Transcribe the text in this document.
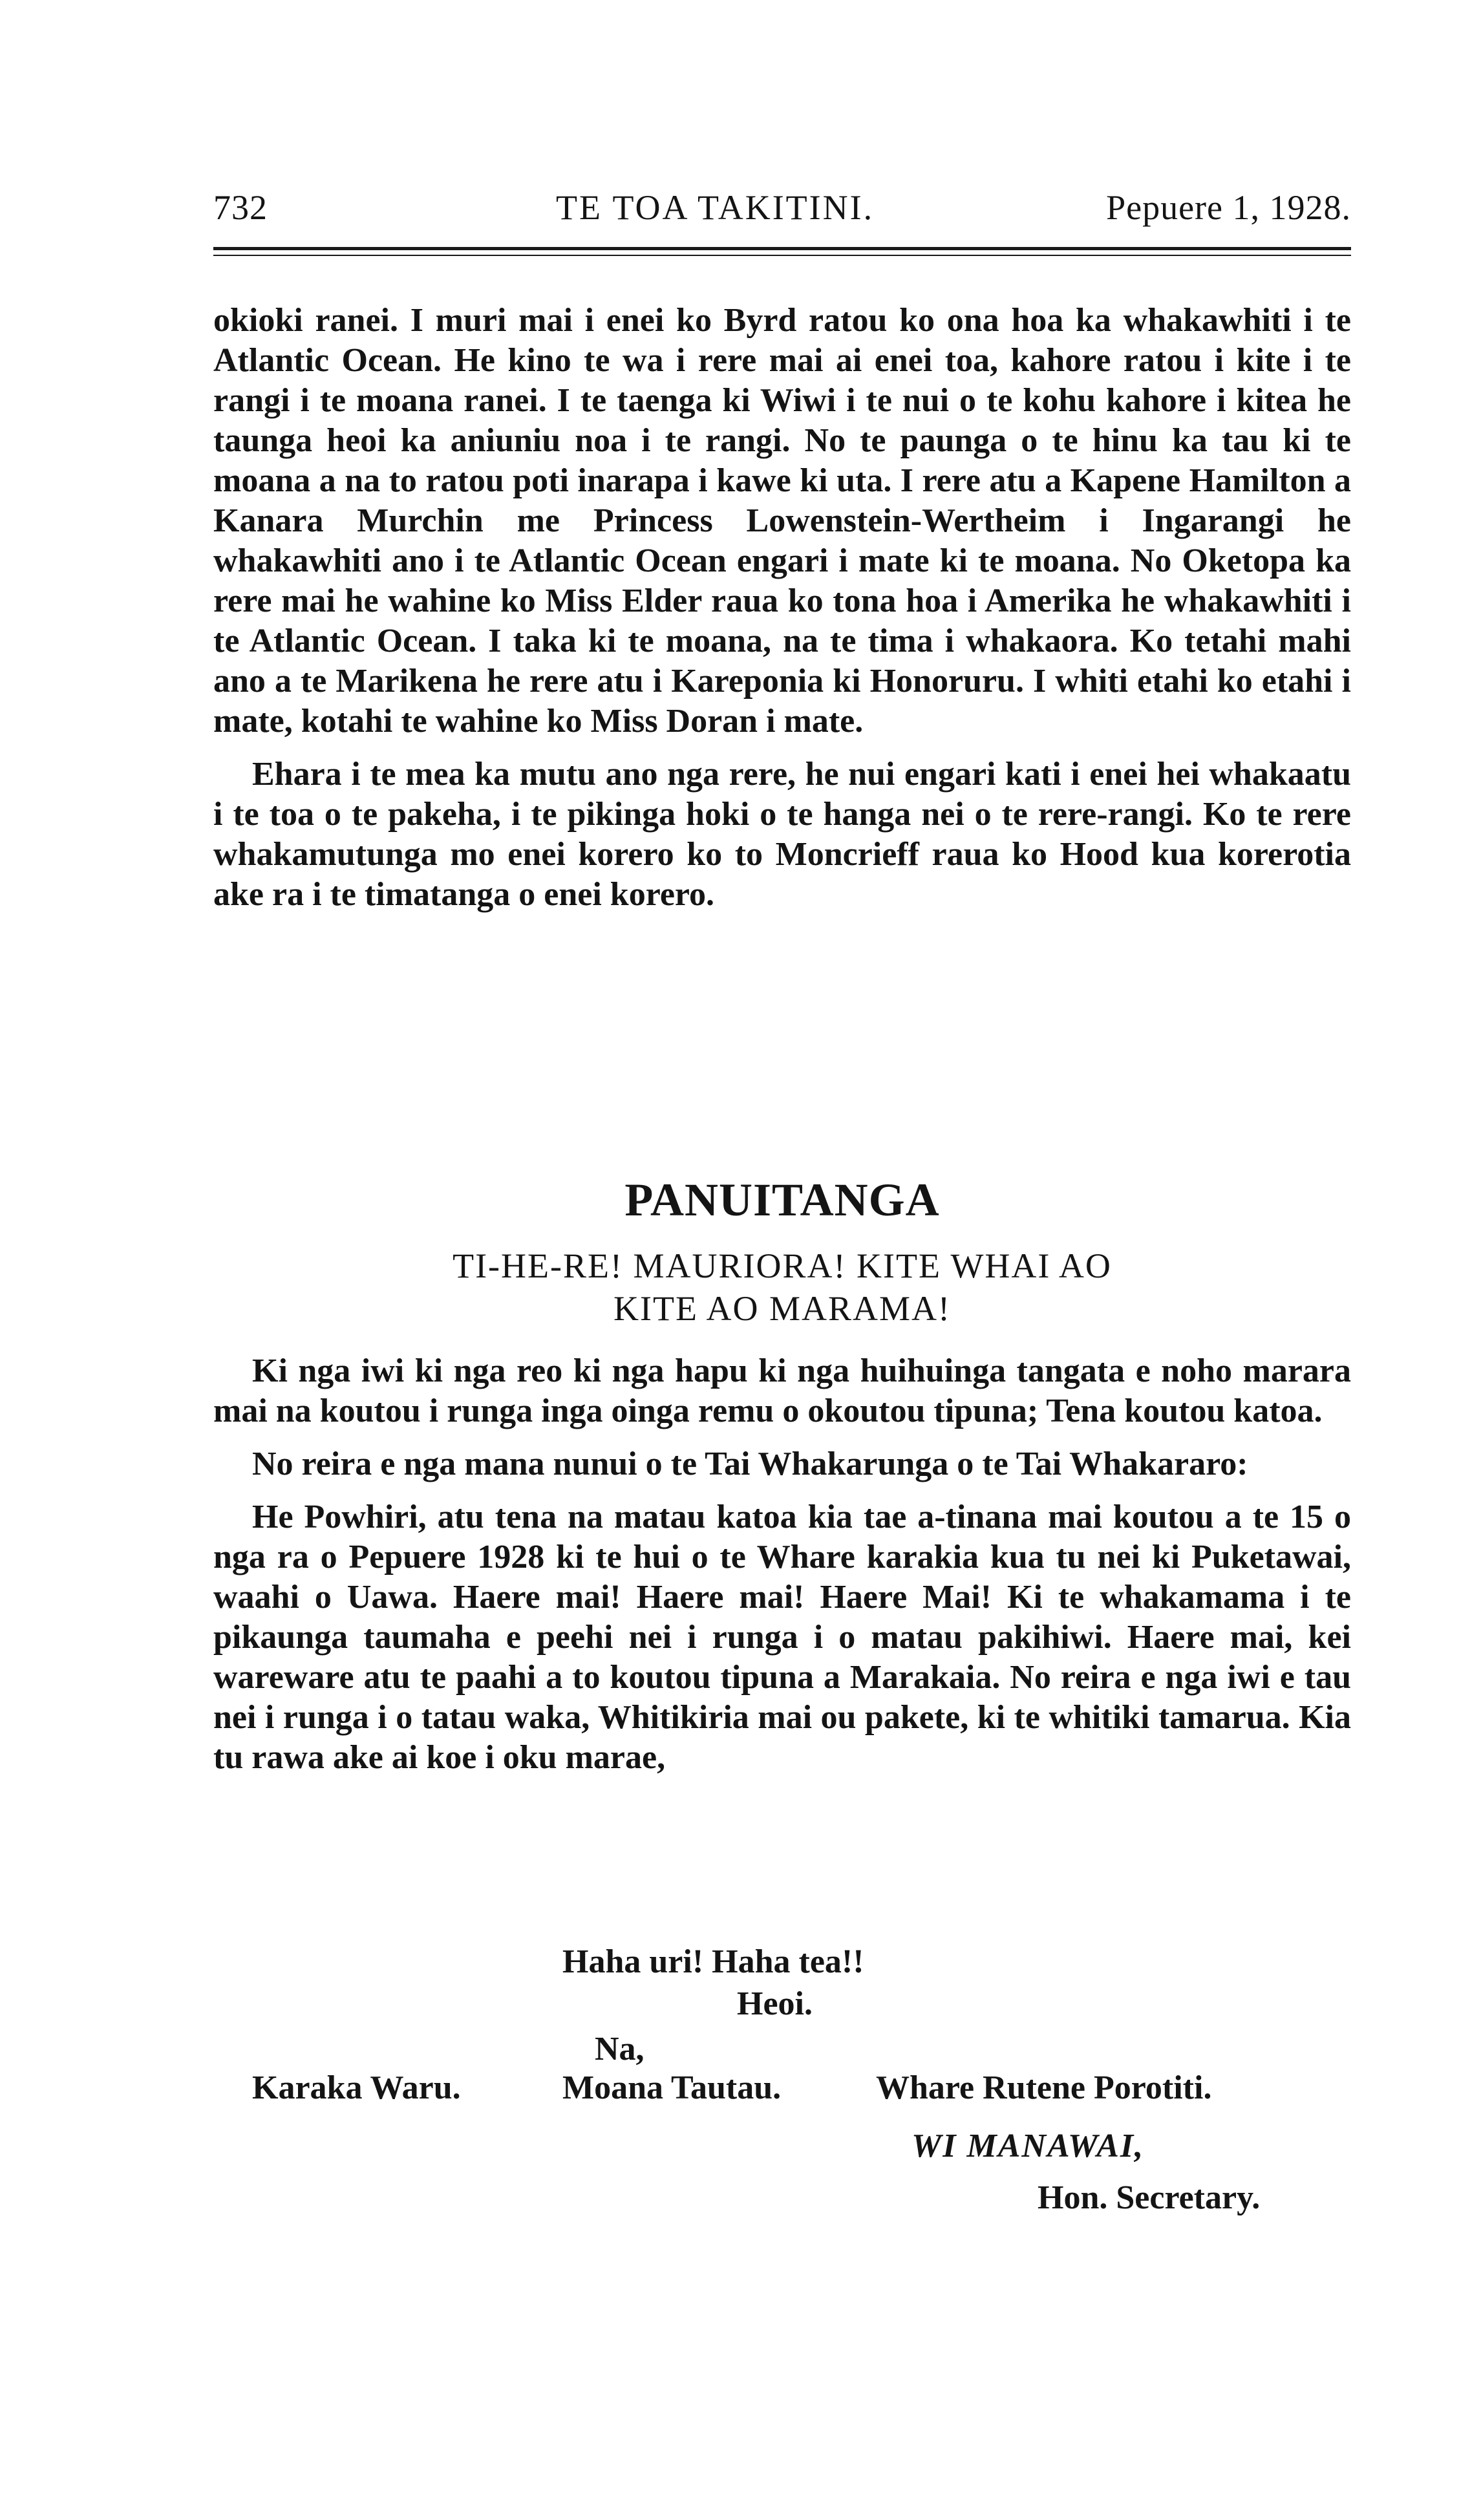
732	TE TOA TAKITINI.	Pepuere 1, 1928.

okioki ranei. I muri mai i enei ko Byrd ratou ko ona hoa ka whakawhiti i te Atlantic Ocean. He kino te wa i rere mai ai enei toa, kahore ratou i kite i te rangi i te moana ranei. I te taenga ki Wiwi i te nui o te kohu kahore i kitea he taunga heoi ka aniuniu noa i te rangi. No te paunga o te hinu ka tau ki te moana a na to ratou poti inarapa i kawe ki uta. I rere atu a Kapene Hamilton a Kanara Murchin me Princess Lowenstein-Wertheim i Ingarangi he whakawhiti ano i te Atlantic Ocean engari i mate ki te moana. No Oketopa ka rere mai he wahine ko Miss Elder raua ko tona hoa i Amerika he whakawhiti i te Atlantic Ocean. I taka ki te moana, na te tima i whakaora. Ko tetahi mahi ano a te Marikena he rere atu i Kareponia ki Honoruru. I whiti etahi ko etahi i mate, kotahi te wahine ko Miss Doran i mate.

Ehara i te mea ka mutu ano nga rere, he nui engari kati i enei hei whakaatu i te toa o te pakeha, i te pikinga hoki o te hanga nei o te rere-rangi. Ko te rere whakamutunga mo enei korero ko to Moncrieff raua ko Hood kua korerotia ake ra i te timatanga o enei korero.

PANUITANGA
TI-HE-RE! MAURIORA! KITE WHAI AO
KITE AO MARAMA!

Ki nga iwi ki nga reo ki nga hapu ki nga huihuinga tangata e noho marara mai na koutou i runga inga oinga remu o okoutou tipuna; Tena koutou katoa.

No reira e nga mana nunui o te Tai Whakarunga o te Tai Whakararo:

He Powhiri, atu tena na matau katoa kia tae a-tinana mai koutou a te 15 o nga ra o Pepuere 1928 ki te hui o te Whare karakia kua tu nei ki Puketawai, waahi o Uawa. Haere mai! Haere mai! Haere Mai! Ki te whakamama i te pikaunga taumaha e peehi nei i runga i o matau pakihiwi. Haere mai, kei wareware atu te paahi a to koutou tipuna a Marakaia. No reira e nga iwi e tau nei i runga i o tatau waka, Whitikiria mai ou pakete, ki te whitiki tamarua. Kia tu rawa ake ai koe i oku marae,

Haha uri! Haha tea!!
Heoi.
Na,
Karaka Waru.	Moana Tautau.	Whare Rutene Porotiti.
WI MANAWAI,
Hon. Secretary.
